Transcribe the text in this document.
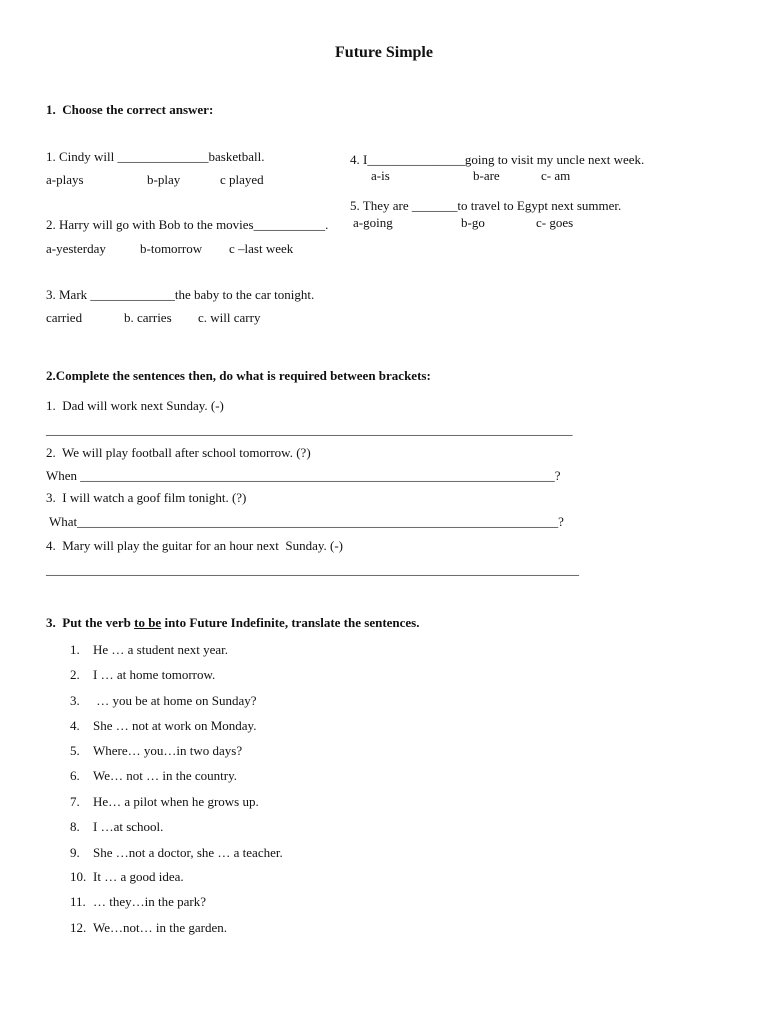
Future Simple
1.  Choose the correct answer:
1. Cindy will ______________basketball.
a-plays	b-play	c played
2. Harry will go with Bob to the movies___________.
a-yesterday	b-tomorrow c –last week
3. Mark _____________the baby to the car tonight.
carried	b. carries c. will carry
4. I_______________going to visit my uncle next week.
a-is	b-are	c- am
5. They are _______to travel to Egypt next summer.
a-going	b-go	c- goes
2.Complete the sentences then, do what is required between brackets:
1.  Dad will work next Sunday. (-)
_________________________________________________________________________________
2.  We will play football after school tomorrow. (?)
When _________________________________________________________________________?
3.  I will watch a goof film tonight. (?)
What__________________________________________________________________________?
4.  Mary will play the guitar for an hour next  Sunday. (-)
__________________________________________________________________________________
3.  Put the verb to be into Future Indefinite, translate the sentences.
1. He … a student next year.
2. I … at home tomorrow.
3. … you be at home on Sunday?
4. She … not at work on Monday.
5. Where… you…in two days?
6. We… not … in the country.
7. He… a pilot when he grows up.
8. I …at school.
9. She …not a doctor, she … a teacher.
10. It … a good idea.
11. … they…in the park?
12. We…not… in the garden.
